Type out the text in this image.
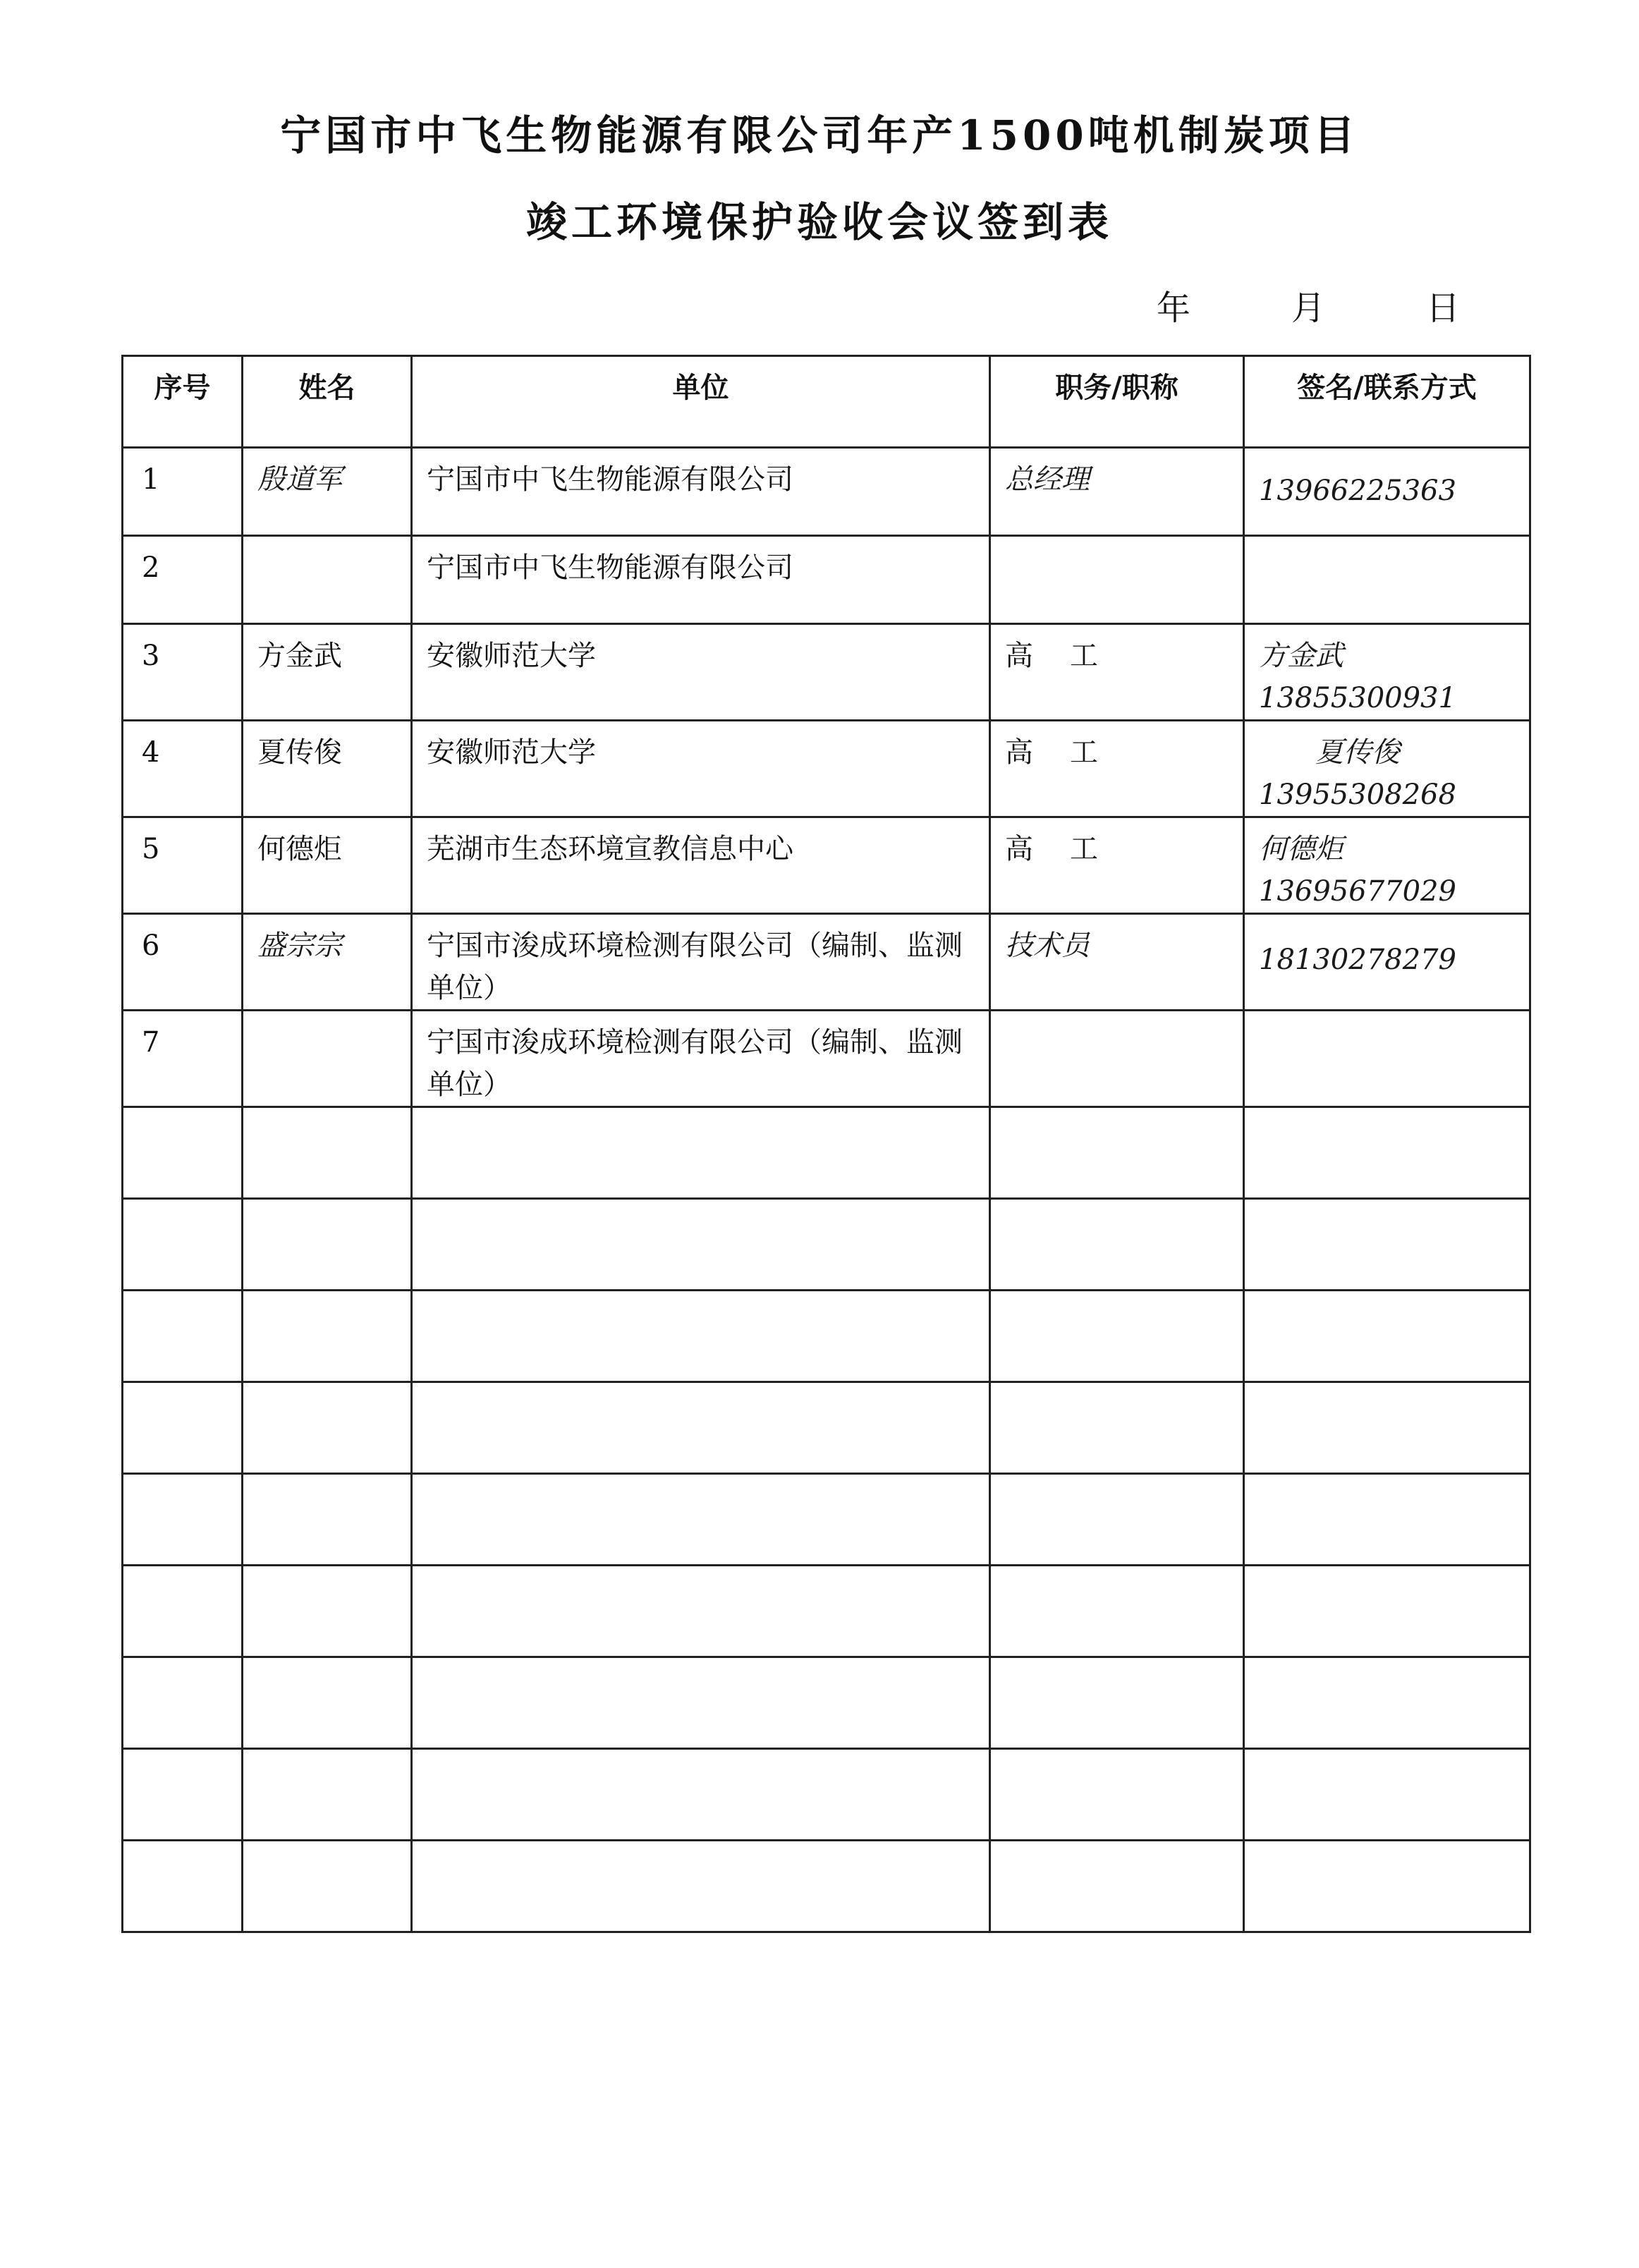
宁国市中飞生物能源有限公司年产1500吨机制炭项目
竣工环境保护验收会议签到表
年	月	日
序号	姓名	单位	职务/职称	签名/联系方式
1	殷道军	宁国市中飞生物能源有限公司	总经理	13966225363
2		宁国市中飞生物能源有限公司		
3	方金武	安徽师范大学	高工	方金武
13855300931

4	夏传俊	安徽师范大学	高工	夏传俊
13955308268

5	何德炬	芜湖市生态环境宣教信息中心	高工	何德炬
13695677029

6	盛宗宗	宁国市浚成环境检测有限公司（编制、监测单位）	技术员	18130278279
7		宁国市浚成环境检测有限公司（编制、监测单位）		
